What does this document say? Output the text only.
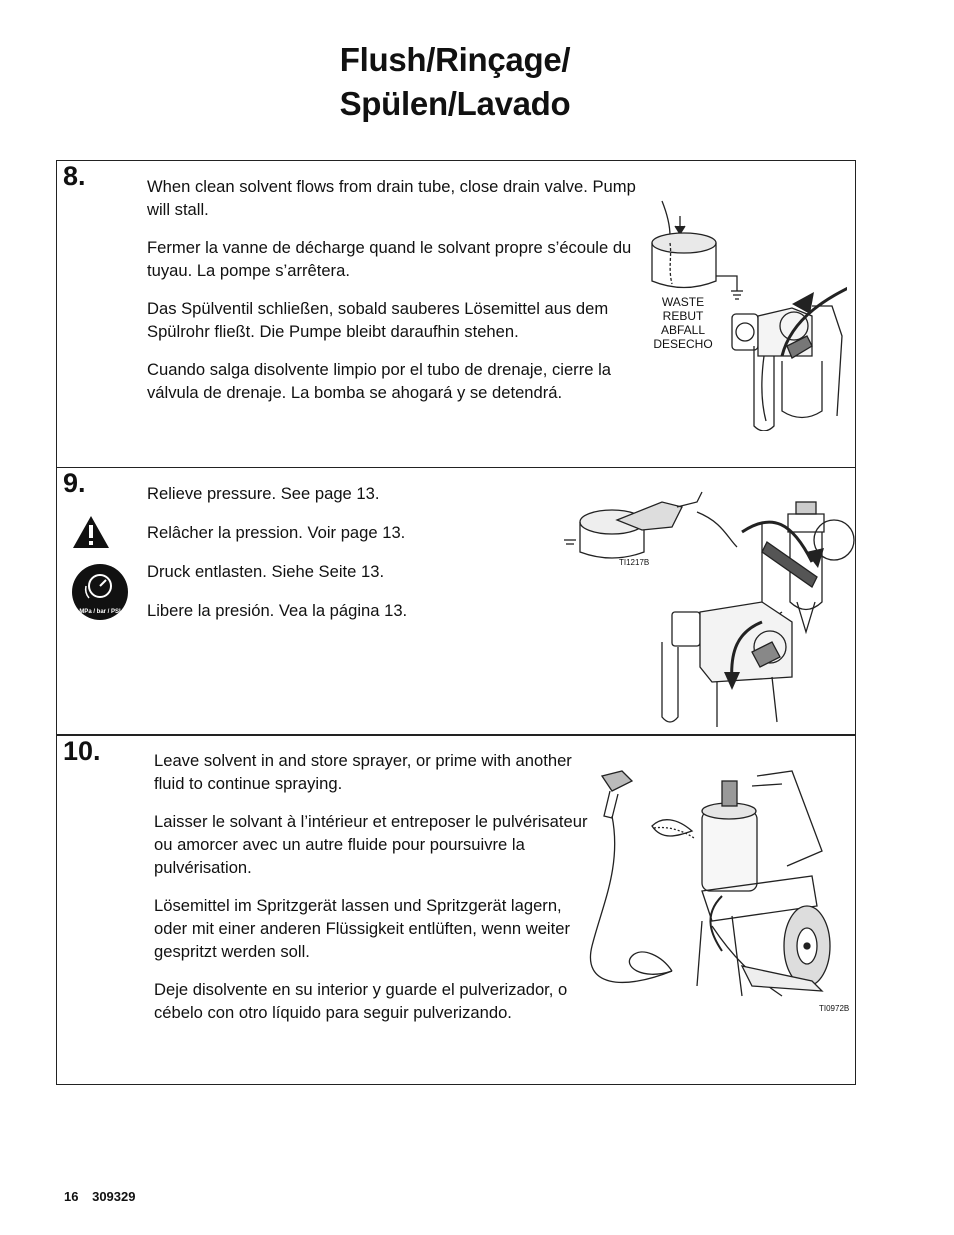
Flush/Rinçage/
Spülen/Lavado
8.	When clean solvent flows from drain tube, close drain valve. Pump will stall.

Fermer la vanne de décharge quand le solvant propre s’écoule du tuyau. La pompe s’arrêtera.

Das Spülventil schließen, sobald sauberes Lösemittel aus dem Spülrohr fließt. Die Pumpe bleibt daraufhin stehen.

Cuando salga disolvente limpio por el tubo de drenaje, cierre la válvula de drenaje. La bomba se ahogará y se detendrá.

WASTE
REBUT
ABFALL
DESECHO
9.
MPa / bar / PSI

Relieve pressure. See page 13.

Relâcher la pression. Voir page 13.

Druck entlasten. Siehe Seite 13.

Libere la presión. Vea la página 13.

TI1217B
10.	Leave solvent in and store sprayer, or prime with another fluid to continue spraying.

Laisser le solvant à l’intérieur et entreposer le pulvérisateur ou amorcer avec un autre fluide pour poursuivre la pulvérisation.

Lösemittel im Spritzgerät lassen und Spritzgerät lagern, oder mit einer anderen Flüssigkeit entlüften, wenn weiter gespritzt werden soll.

Deje disolvente en su interior y guarde el pulverizador, o cébelo con otro líquido para seguir pulverizando.	TI0972B
16 309329
